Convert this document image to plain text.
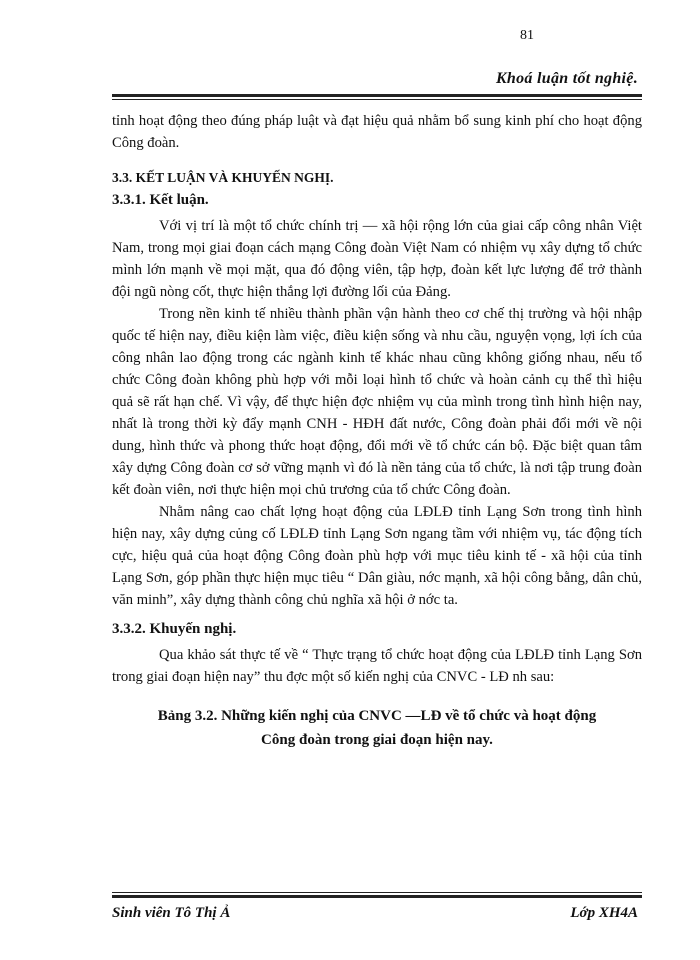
81
Khoá luận tốt nghiệ.

tỉnh hoạt động theo đúng pháp luật và đạt hiệu quả nhằm bổ sung kinh phí cho hoạt động Công đoàn.

3.3. KẾT LUẬN VÀ KHUYẾN NGHỊ.
3.3.1. Kết luận.

Với vị trí là một tổ chức chính trị — xã hội rộng lớn của giai cấp công nhân Việt Nam, trong mọi giai đoạn cách mạng Công đoàn Việt Nam có nhiệm vụ xây dựng tổ chức mình lớn mạnh về mọi mặt, qua đó động viên, tập hợp, đoàn kết lực lượng để trở thành đội ngũ nòng cốt, thực hiện thắng lợi đường lối của Đảng.

Trong nền kinh tế nhiều thành phần vận hành theo cơ chế thị trường và hội nhập quốc tế hiện nay, điều kiện làm việc, điều kiện sống và nhu cầu, nguyện vọng, lợi ích của công nhân lao động trong các ngành kinh tế khác nhau cũng không giống nhau, nếu tổ chức Công đoàn không phù hợp với mỗi loại hình tổ chức và hoàn cảnh cụ thể thì hiệu quả sẽ rất hạn chế. Vì vậy, để thực hiện đợc nhiệm vụ của mình trong tình hình hiện nay, nhất là trong thời kỳ đẩy mạnh CNH - HĐH đất nước, Công đoàn phải đổi mới về nội dung, hình thức và phong thức hoạt động, đổi mới về tổ chức cán bộ. Đặc biệt quan tâm xây dựng Công đoàn cơ sở vững mạnh vì đó là nền tảng của tổ chức, là nơi tập trung đoàn kết đoàn viên, nơi thực hiện mọi chủ trương của tổ chức Công đoàn.

Nhằm nâng cao chất lợng hoạt động của LĐLĐ tỉnh Lạng Sơn trong tình hình hiện nay, xây dựng củng cố LĐLĐ tỉnh Lạng Sơn ngang tầm với nhiệm vụ, tác động tích cực, hiệu quả của hoạt động Công đoàn phù hợp với mục tiêu kinh tế - xã hội của tỉnh Lạng Sơn, góp phần thực hiện mục tiêu “ Dân giàu, nớc mạnh, xã hội công bằng, dân chủ, văn minh”, xây dựng thành công chủ nghĩa xã hội ở nớc ta.

3.3.2. Khuyến nghị.

Qua khảo sát thực tế về “ Thực trạng tổ chức hoạt động của LĐLĐ tỉnh Lạng Sơn trong giai đoạn hiện nay” thu đợc một số kiến nghị của CNVC - LĐ nh sau:

Bảng 3.2. Những kiến nghị của CNVC —LĐ về tổ chức và hoạt động
Công đoàn trong giai đoạn hiện nay.
Sinh viên Tô Thị Ả	Lớp XH4A
